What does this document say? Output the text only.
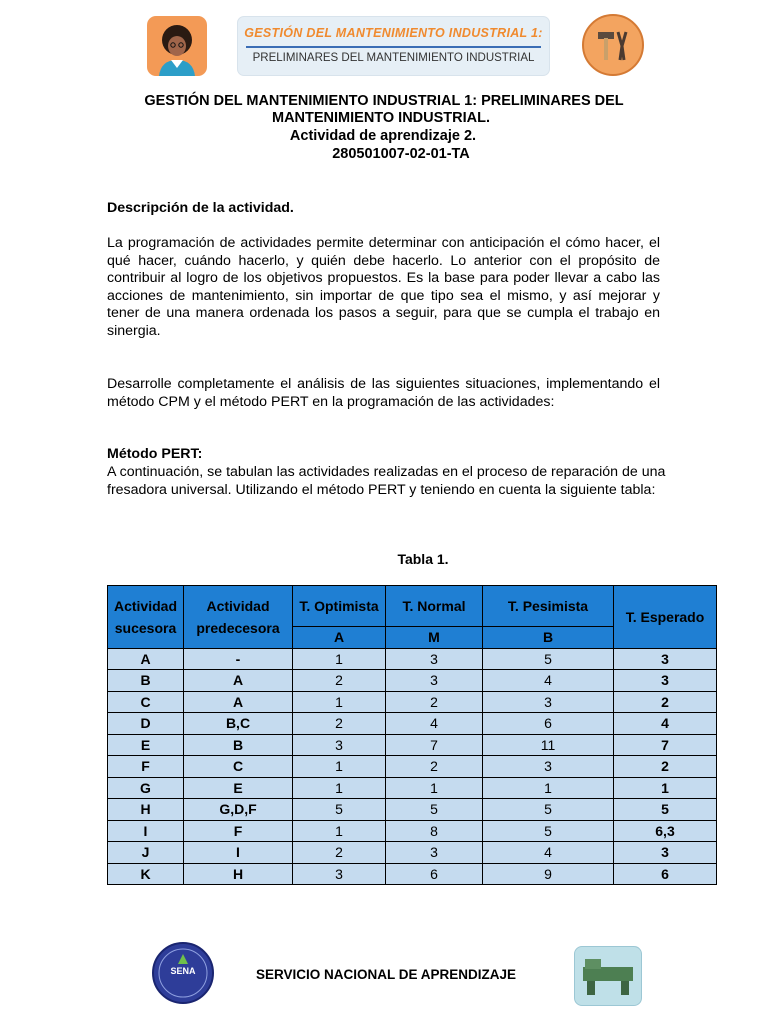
GESTIÓN DEL MANTENIMIENTO INDUSTRIAL 1:
PRELIMINARES DEL MANTENIMIENTO INDUSTRIAL
GESTIÓN DEL MANTENIMIENTO INDUSTRIAL 1: PRELIMINARES DEL
MANTENIMIENTO INDUSTRIAL.
Actividad de aprendizaje 2.
280501007-02-01-TA
Descripción de la actividad.
La programación de actividades permite determinar con anticipación el cómo hacer, el qué hacer, cuándo hacerlo, y quién debe hacerlo. Lo anterior con el propósito de contribuir al logro de los objetivos propuestos. Es la base para poder llevar a cabo las acciones de mantenimiento, sin importar de que tipo sea el mismo, y así mejorar y tener de una manera ordenada los pasos a seguir, para que se cumpla el trabajo en sinergia.
Desarrolle completamente el análisis de las siguientes situaciones, implementando el método CPM y el método PERT en la programación de las actividades:
Método PERT:
A continuación, se tabulan las actividades realizadas en el proceso de reparación de una fresadora universal. Utilizando el método PERT y teniendo en cuenta la siguiente tabla:
Tabla 1.
Actividad sucesora	Actividad predecesora	T. Optimista	T. Normal	T. Pesimista	T. Esperado
		A	M	B	
A	-	1	3	5	3
B	A	2	3	4	3
C	A	1	2	3	2
D	B,C	2	4	6	4
E	B	3	7	11	7
F	C	1	2	3	2
G	E	1	1	1	1
H	G,D,F	5	5	5	5
I	F	1	8	5	6,3
J	I	2	3	4	3
K	H	3	6	9	6
SENA	SERVICIO NACIONAL DE APRENDIZAJE
